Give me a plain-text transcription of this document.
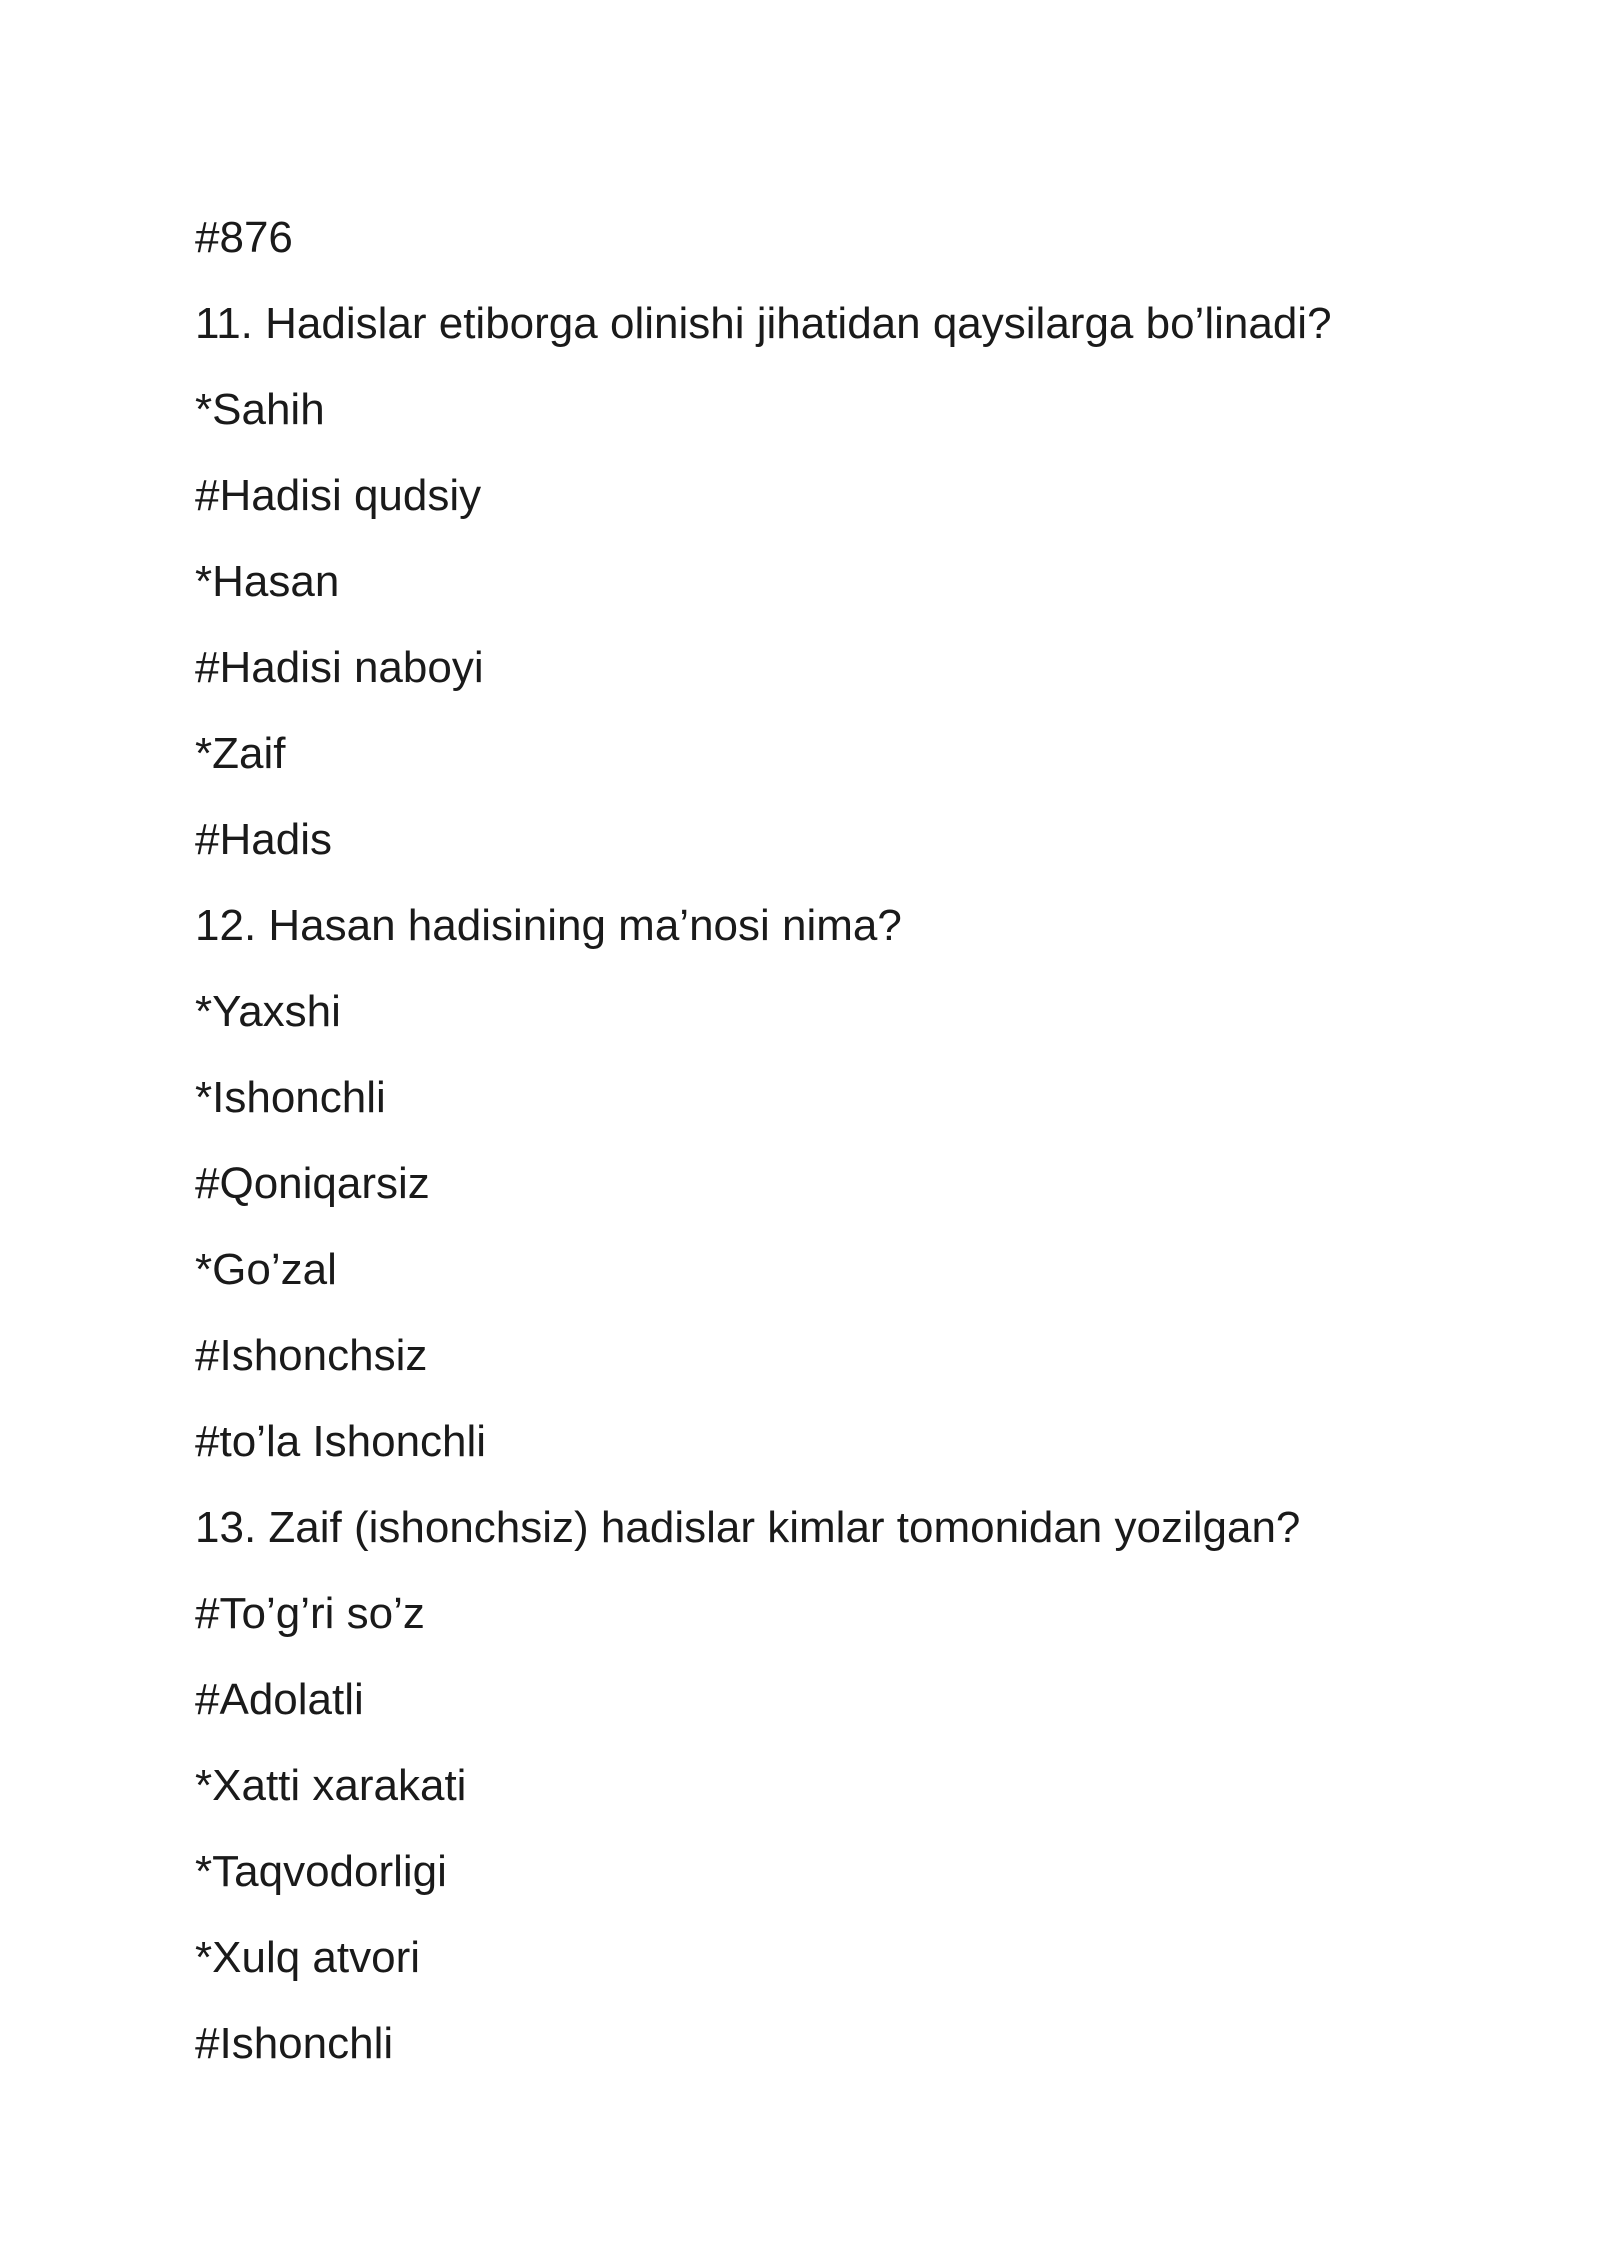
#876
11. Hadislar etiborga olinishi jihatidan qaysilarga bo’linadi?
*Sahih
#Hadisi qudsiy
*Hasan
#Hadisi naboyi
*Zaif
#Hadis
12. Hasan hadisining ma’nosi nima?
*Yaxshi
*Ishonchli
#Qoniqarsiz
*Go’zal
#Ishonchsiz
#to’la Ishonchli
13. Zaif (ishonchsiz) hadislar kimlar tomonidan yozilgan?
#To’g’ri so’z
#Adolatli
*Xatti xarakati
*Taqvodorligi
*Xulq atvori
#Ishonchli
